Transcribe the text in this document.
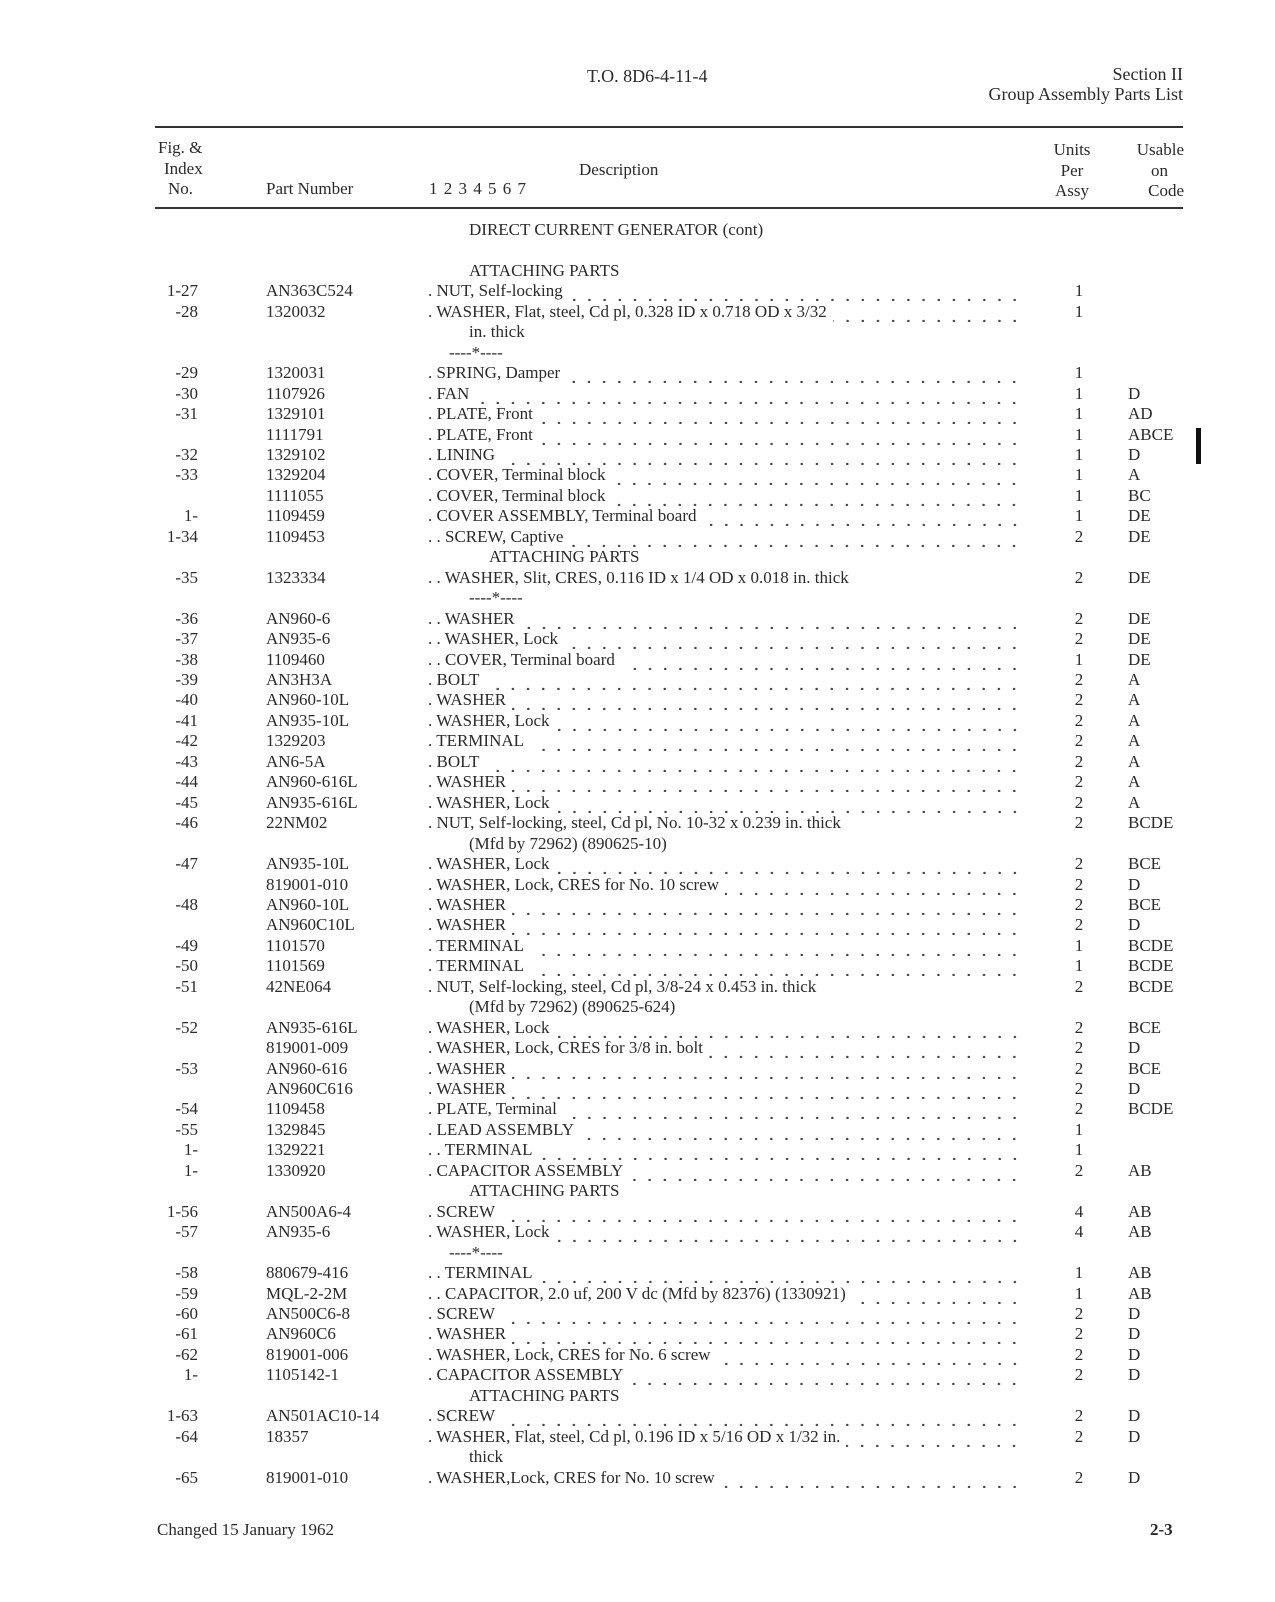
T.O. 8D6-4-11-4	Section II
Group Assembly Parts List
Fig. &
Index
No.	Part Number	1 2 3 4 5 6 7
Description
Units
Per
Assy
Usable
on
Code
DIRECT CURRENT GENERATOR (cont)
ATTACHING PARTS
1-27	AN363C524	. NUT, Self-locking	1
-28	1320032	. WASHER, Flat, steel, Cd pl, 0.328 ID x 0.718 OD x 3/32	1
in. thick
----*----
-29	1320031	. SPRING, Damper	1
-30	1107926	. FAN	1	D
-31	1329101	. PLATE, Front	1	AD
1111791	. PLATE, Front	1	ABCE
-32	1329102	. LINING	1	D
-33	1329204	. COVER, Terminal block	1	A
1111055	. COVER, Terminal block	1	BC
1-	1109459	. COVER ASSEMBLY, Terminal board	1	DE
1-34	1109453	. . SCREW, Captive	2	DE
ATTACHING PARTS
-35	1323334	. . WASHER, Slit, CRES, 0.116 ID x 1/4 OD x 0.018 in. thick	2	DE
----*----
-36	AN960-6	. . WASHER	2	DE
-37	AN935-6	. . WASHER, Lock	2	DE
-38	1109460	. . COVER, Terminal board	1	DE
-39	AN3H3A	. BOLT	2	A
-40	AN960-10L	. WASHER	2	A
-41	AN935-10L	. WASHER, Lock	2	A
-42	1329203	. TERMINAL	2	A
-43	AN6-5A	. BOLT	2	A
-44	AN960-616L	. WASHER	2	A
-45	AN935-616L	. WASHER, Lock	2	A
-46	22NM02	. NUT, Self-locking, steel, Cd pl, No. 10-32 x 0.239 in. thick	2	BCDE
(Mfd by 72962) (890625-10)
-47	AN935-10L	. WASHER, Lock	2	BCE
819001-010	. WASHER, Lock, CRES for No. 10 screw	2	D
-48	AN960-10L	. WASHER	2	BCE
AN960C10L	. WASHER	2	D
-49	1101570	. TERMINAL	1	BCDE
-50	1101569	. TERMINAL	1	BCDE
-51	42NE064	. NUT, Self-locking, steel, Cd pl, 3/8-24 x 0.453 in. thick	2	BCDE
(Mfd by 72962) (890625-624)
-52	AN935-616L	. WASHER, Lock	2	BCE
819001-009	. WASHER, Lock, CRES for 3/8 in. bolt	2	D
-53	AN960-616	. WASHER	2	BCE
AN960C616	. WASHER	2	D
-54	1109458	. PLATE, Terminal	2	BCDE
-55	1329845	. LEAD ASSEMBLY	1
1-	1329221	. . TERMINAL	1
1-	1330920	. CAPACITOR ASSEMBLY	2	AB
ATTACHING PARTS
1-56	AN500A6-4	. SCREW	4	AB
-57	AN935-6	. WASHER, Lock	4	AB
----*----
-58	880679-416	. . TERMINAL	1	AB
-59	MQL-2-2M	. . CAPACITOR, 2.0 uf, 200 V dc (Mfd by 82376) (1330921)	1	AB
-60	AN500C6-8	. SCREW	2	D
-61	AN960C6	. WASHER	2	D
-62	819001-006	. WASHER, Lock, CRES for No. 6 screw	2	D
1-	1105142-1	. CAPACITOR ASSEMBLY	2	D
ATTACHING PARTS
1-63	AN501AC10-14	. SCREW	2	D
-64	18357	. WASHER, Flat, steel, Cd pl, 0.196 ID x 5/16 OD x 1/32 in.	2	D
thick
-65	819001-010	. WASHER,Lock, CRES for No. 10 screw	2	D
Changed 15 January 1962	2-3
